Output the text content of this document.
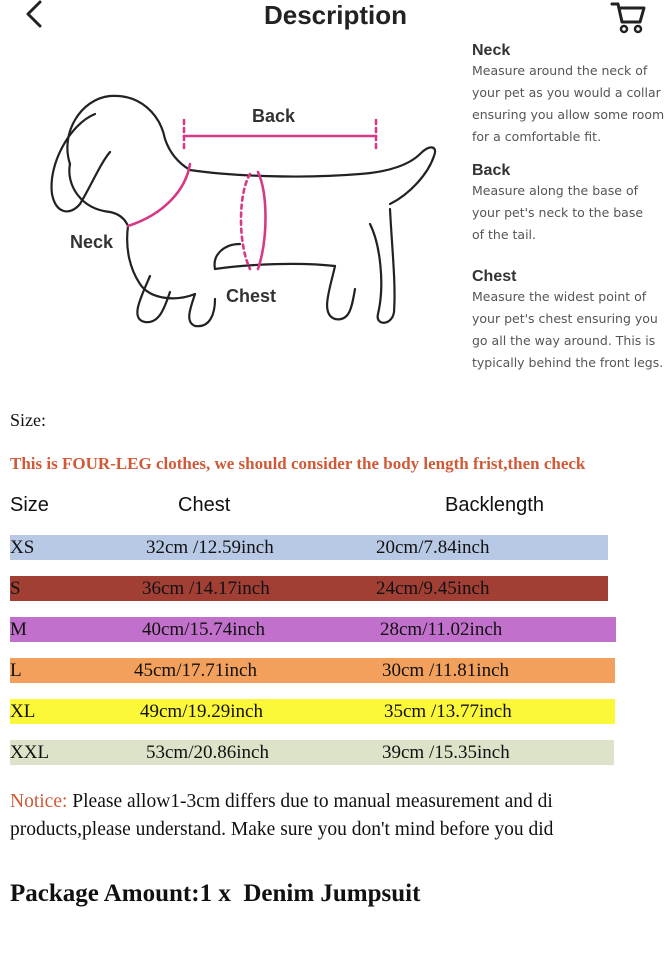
Description
Back
Neck
Chest
Neck

Measure around the neck of
your pet as you would a collar
ensuring you allow some room
for a comfortable fit.

Back

Measure along the base of
your pet's neck to the base
of the tail.

Chest

Measure the widest point of
your pet's chest ensuring you
go all the way around. This is
typically behind the front legs.

Size:
This is FOUR-LEG clothes, we should consider the body length frist,then check
Size	Chest	Backlength
XS	32cm /12.59inch	20cm/7.84inch
S	36cm /14.17inch	24cm/9.45inch
M	40cm/15.74inch	28cm/11.02inch
L	45cm/17.71inch	30cm /11.81inch
XL	49cm/19.29inch	35cm /13.77inch
XXL	53cm/20.86inch	39cm /15.35inch
Notice: Please allow1-3cm differs due to manual measurement and di
products,please understand. Make sure you don't mind before you did
Package Amount:1 x  Denim Jumpsuit
